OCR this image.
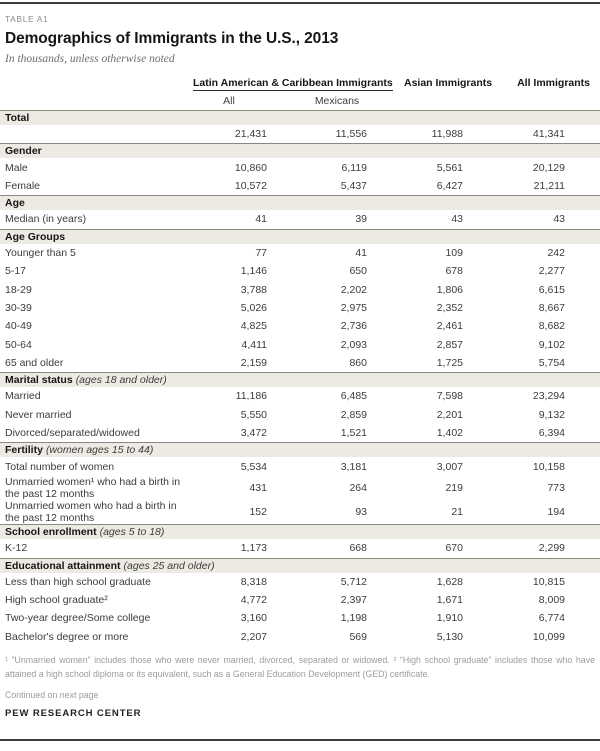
TABLE A1
Demographics of Immigrants in the U.S., 2013
In thousands, unless otherwise noted
Latin American & Caribbean Immigrants Asian Immigrants All Immigrants
All	Mexicans
Total
21,431	11,556	11,988	41,341
Gender
Male	10,860	6,119	5,561	20,129
Female	10,572	5,437	6,427	21,211
Age
Median (in years)	41	39	43	43
Age Groups
Younger than 5	77	41	109	242
5-17	1,146	650	678	2,277
18-29	3,788	2,202	1,806	6,615
30-39	5,026	2,975	2,352	8,667
40-49	4,825	2,736	2,461	8,682
50-64	4,411	2,093	2,857	9,102
65 and older	2,159	860	1,725	5,754
Marital status (ages 18 and older)
Married	11,186	6,485	7,598	23,294
Never married	5,550	2,859	2,201	9,132
Divorced/separated/widowed	3,472	1,521	1,402	6,394
Fertility (women ages 15 to 44)
Total number of women	5,534	3,181	3,007	10,158
Unmarried women¹ who had a birth in the past 12 months
431	264	219	773
Unmarried women who had a birth in the past 12 months
152	93	21	194
School enrollment (ages 5 to 18)
K-12	1,173	668	670	2,299
Educational attainment (ages 25 and older)
Less than high school graduate	8,318	5,712	1,628	10,815
High school graduate²	4,772	2,397	1,671	8,009
Two-year degree/Some college	3,160	1,198	1,910	6,774
Bachelor's degree or more	2,207	569	5,130	10,099
¹ “Unmarried women” includes those who were never married, divorced, separated or widowed. ² “High school graduate” includes those who have attained a high school diploma or its equivalent, such as a General Education Development (GED) certificate.
Continued on next page
PEW RESEARCH CENTER
